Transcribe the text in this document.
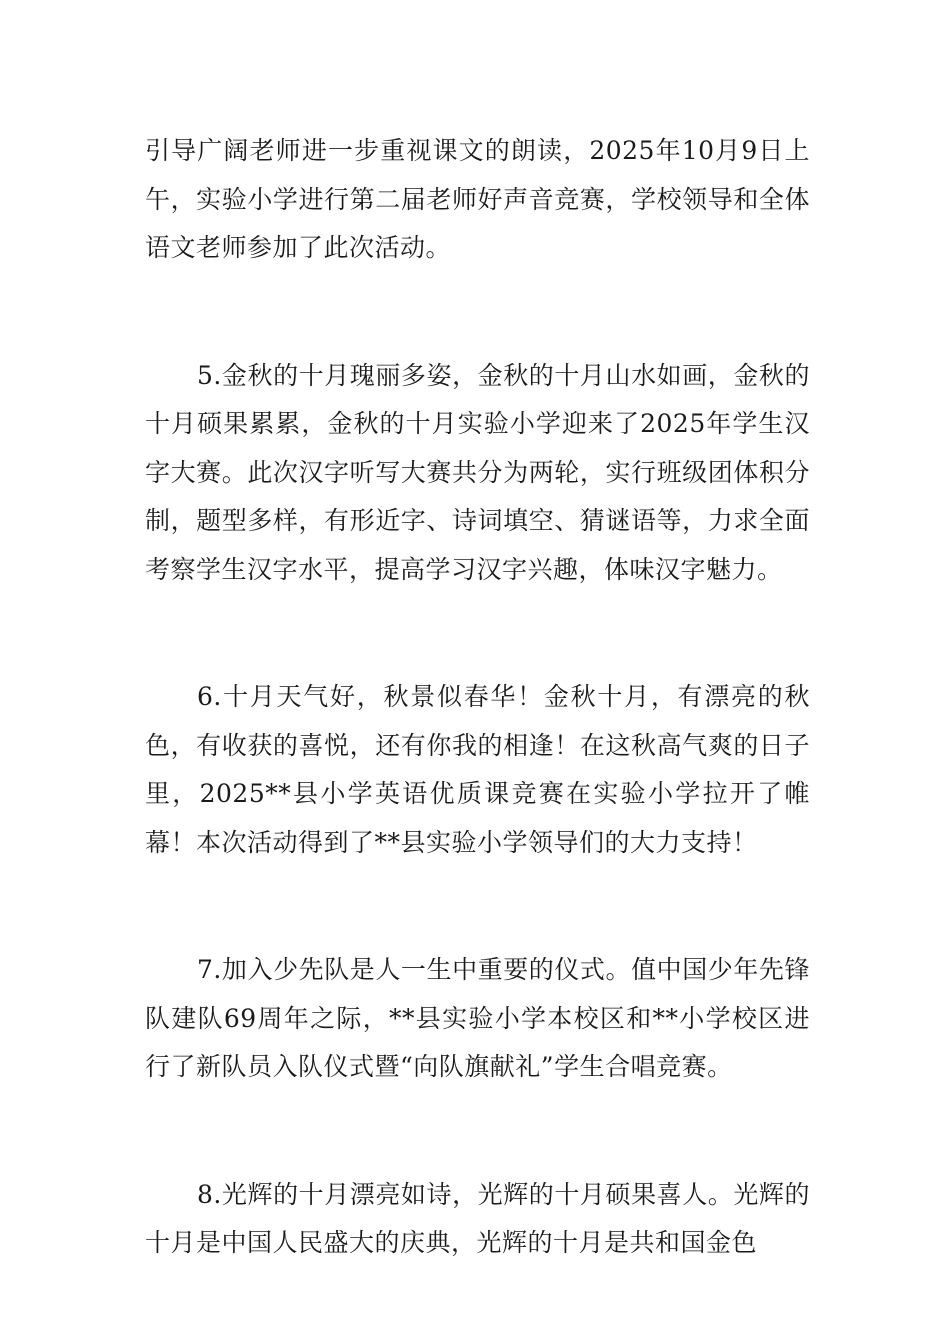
引导广阔老师进一步重视课文的朗读，2025年10月9日上午，实验小学进行第二届老师好声音竞赛，学校领导和全体语文老师参加了此次活动。

5.金秋的十月瑰丽多姿，金秋的十月山水如画，金秋的十月硕果累累，金秋的十月实验小学迎来了2025年学生汉字大赛。此次汉字听写大赛共分为两轮，实行班级团体积分制，题型多样，有形近字、诗词填空、猜谜语等，力求全面考察学生汉字水平，提高学习汉字兴趣，体味汉字魅力。

6.十月天气好，秋景似春华！金秋十月，有漂亮的秋色，有收获的喜悦，还有你我的相逢！在这秋高气爽的日子里，2025**县小学英语优质课竞赛在实验小学拉开了帷幕！本次活动得到了**县实验小学领导们的大力支持！

7.加入少先队是人一生中重要的仪式。值中国少年先锋队建队69周年之际，**县实验小学本校区和**小学校区进行了新队员入队仪式暨“向队旗献礼”学生合唱竞赛。

8.光辉的十月漂亮如诗，光辉的十月硕果喜人。光辉的十月是中国人民盛大的庆典，光辉的十月是共和国金色
